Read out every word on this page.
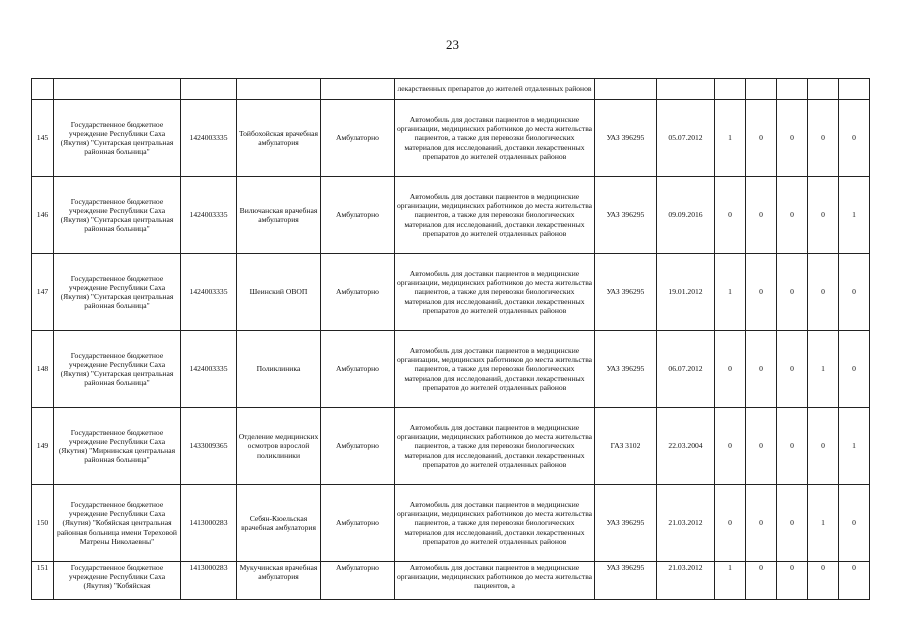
23
					лекарственных препаратов до жителей отдаленных районов							
145	Государственное бюджетное учреждение Республики Саха (Якутия) "Сунтарская центральная районная больница"	1424003335	Тойбохойская врачебная амбулатория	Амбулаторно	Автомобиль для доставки пациентов в медицинские организации, медицинских работников до места жительства пациентов, а также для перевозки биологических материалов для исследований, доставки лекарственных препаратов до жителей отдаленных районов	УАЗ 396295	05.07.2012	1	0	0	0	0
146	Государственное бюджетное учреждение Республики Саха (Якутия) "Сунтарская центральная районная больница"	1424003335	Вилючанская врачебная амбулатория	Амбулаторно	Автомобиль для доставки пациентов в медицинские организации, медицинских работников до места жительства пациентов, а также для перевозки биологических материалов для исследований, доставки лекарственных препаратов до жителей отдаленных районов	УАЗ 396295	09.09.2016	0	0	0	0	1
147	Государственное бюджетное учреждение Республики Саха (Якутия) "Сунтарская центральная районная больница"	1424003335	Шеинский ОВОП	Амбулаторно	Автомобиль для доставки пациентов в медицинские организации, медицинских работников до места жительства пациентов, а также для перевозки биологических материалов для исследований, доставки лекарственных препаратов до жителей отдаленных районов	УАЗ 396295	19.01.2012	1	0	0	0	0
148	Государственное бюджетное учреждение Республики Саха (Якутия) "Сунтарская центральная районная больница"	1424003335	Поликлиника	Амбулаторно	Автомобиль для доставки пациентов в медицинские организации, медицинских работников до места жительства пациентов, а также для перевозки биологических материалов для исследований, доставки лекарственных препаратов до жителей отдаленных районов	УАЗ 396295	06.07.2012	0	0	0	1	0
149	Государственное бюджетное учреждение Республики Саха (Якутия) "Мирнинская центральная районная больница"	1433009365	Отделение медицинских осмотров взрослой поликлиники	Амбулаторно	Автомобиль для доставки пациентов в медицинские организации, медицинских работников до места жительства пациентов, а также для перевозки биологических материалов для исследований, доставки лекарственных препаратов до жителей отдаленных районов	ГАЗ 3102	22.03.2004	0	0	0	0	1
150	Государственное бюджетное учреждение Республики Саха (Якутия) "Кобяйская центральная районная больница имени Тереховой Матрены Николаевны"	1413000283	Себян-Кюельская врачебная амбулатория	Амбулаторно	Автомобиль для доставки пациентов в медицинские организации, медицинских работников до места жительства пациентов, а также для перевозки биологических материалов для исследований, доставки лекарственных препаратов до жителей отдаленных районов	УАЗ 396295	21.03.2012	0	0	0	1	0
151	Государственное бюджетное учреждение Республики Саха (Якутия) "Кобяйская	1413000283	Мукучинская врачебная амбулатория	Амбулаторно	Автомобиль для доставки пациентов в медицинские организации, медицинских работников до места жительства пациентов, а	УАЗ 396295	21.03.2012	1	0	0	0	0
